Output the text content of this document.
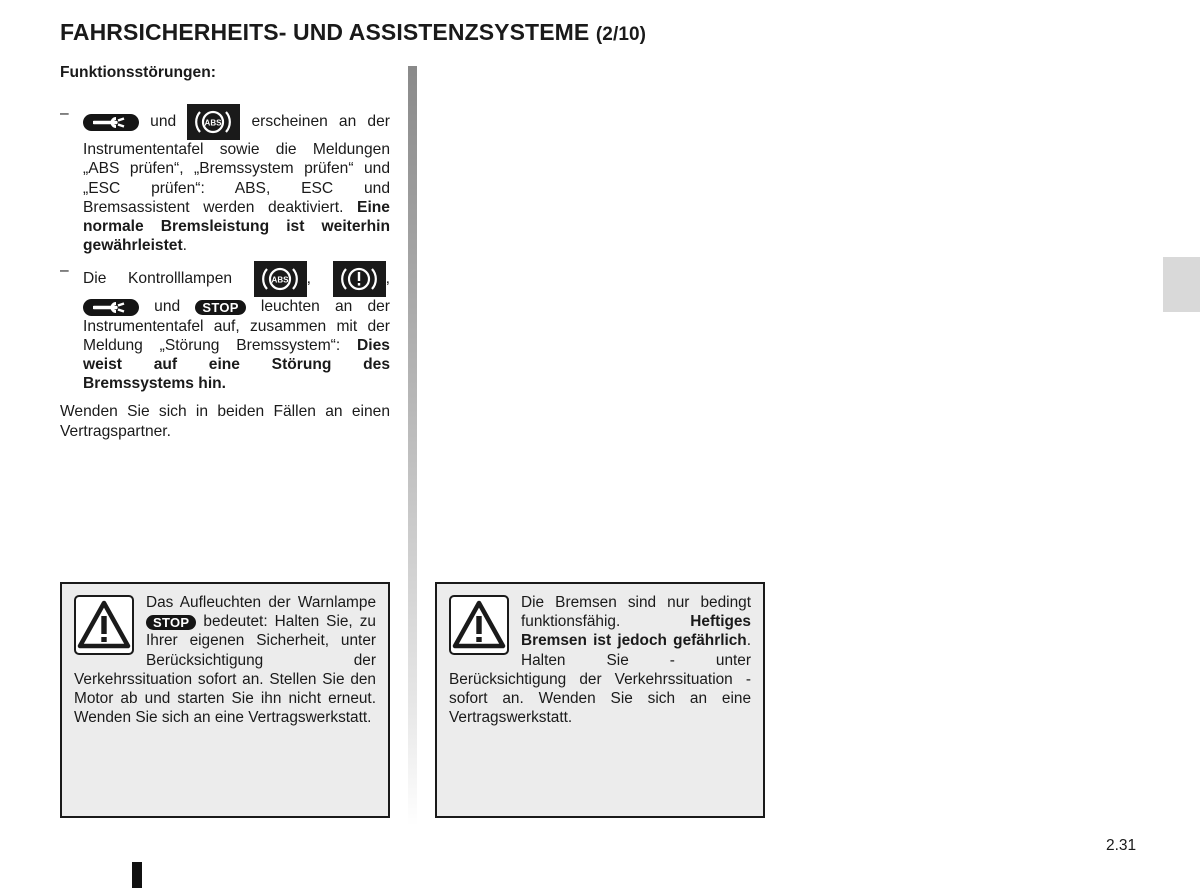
FAHRSICHERHEITS- UND ASSISTENZSYSTEME (2/10)
Funktionsstörungen:
–	und	ABS erscheinen an der Instrumententafel sowie die Meldungen „ABS prüfen“, „Bremssystem prüfen“ und „ESC prüfen“: ABS, ESC und Bremsassistent werden deaktiviert. Eine normale Bremsleistung ist weiterhin gewährleistet.
– Die Kontrolllampen	ABS ,	,
und STOP leuchten an der Instrumententafel auf, zusammen mit der Meldung „Störung Bremssystem“: Dies weist auf eine Störung des Bremssystems hin.
Wenden Sie sich in beiden Fällen an einen Vertragspartner.
Das Aufleuchten der Warnlampe STOP bedeutet: Halten Sie, zu Ihrer eigenen Sicherheit, unter Berücksichtigung der Verkehrssituation sofort an. Stellen Sie den Motor ab und starten Sie ihn nicht erneut. Wenden Sie sich an eine Vertragswerkstatt.
Die Bremsen sind nur bedingt funktionsfähig.	Heftiges Bremsen ist jedoch gefährlich. Halten Sie - unter Berücksichtigung der Verkehrssituation - sofort an. Wenden Sie sich an eine Vertragswerkstatt.
2.31
